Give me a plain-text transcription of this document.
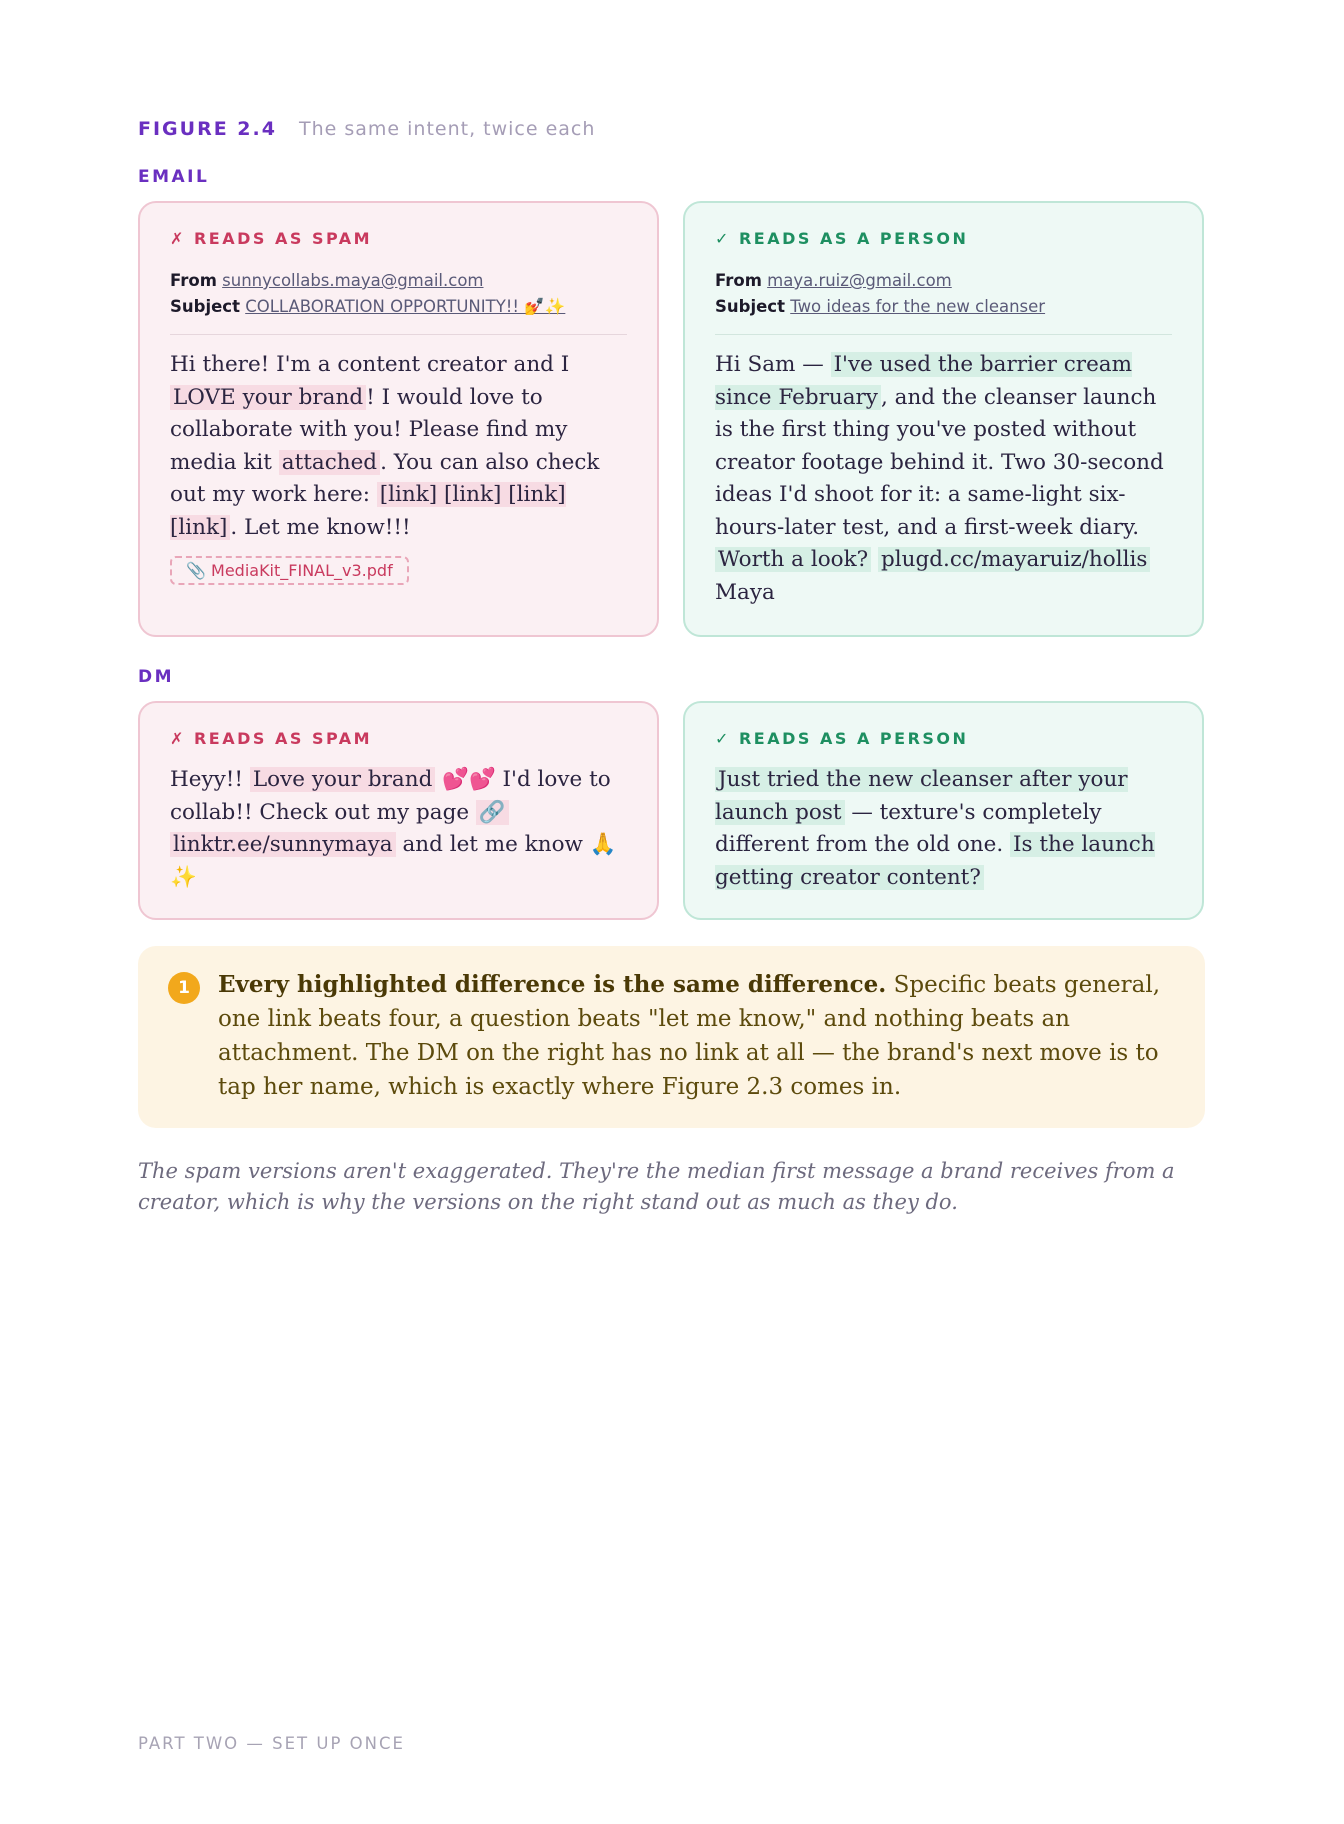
FIGURE 2.4 The same intent, twice each
EMAIL
✗ READS AS SPAM
From sunnycollabs.maya@gmail.com
Subject COLLABORATION OPPORTUNITY!! 💅✨
Hi there! I'm a content creator and I LOVE your brand ! I would love to collaborate with you! Please find my media kit attached . You can also check out my work here: [link] [link] [link] [link] . Let me know!!!
📎 MediaKit_FINAL_v3.pdf
✓ READS AS A PERSON
From maya.ruiz@gmail.com
Subject Two ideas for the new cleanser
Hi Sam — I've used the barrier cream since February , and the cleanser launch is the first thing you've posted without creator footage behind it. Two 30-second ideas I'd shoot for it: a same-light six-hours-later test, and a first-week diary. Worth a look? plugd.cc/mayaruiz/hollis
Maya
DM
✗ READS AS SPAM
Heyy!! Love your brand 💕💕 I'd love to collab!! Check out my page 🔗 linktr.ee/sunnymaya and let me know 🙏✨
✓ READS AS A PERSON
Just tried the new cleanser after your launch post — texture's completely different from the old one. Is the launch getting creator content?
1	Every highlighted difference is the same difference. Specific beats general, one link beats four, a question beats "let me know," and nothing beats an attachment. The DM on the right has no link at all — the brand's next move is to tap her name, which is exactly where Figure 2.3 comes in.
The spam versions aren't exaggerated. They're the median first message a brand receives from a creator, which is why the versions on the right stand out as much as they do.
PART TWO — SET UP ONCE
